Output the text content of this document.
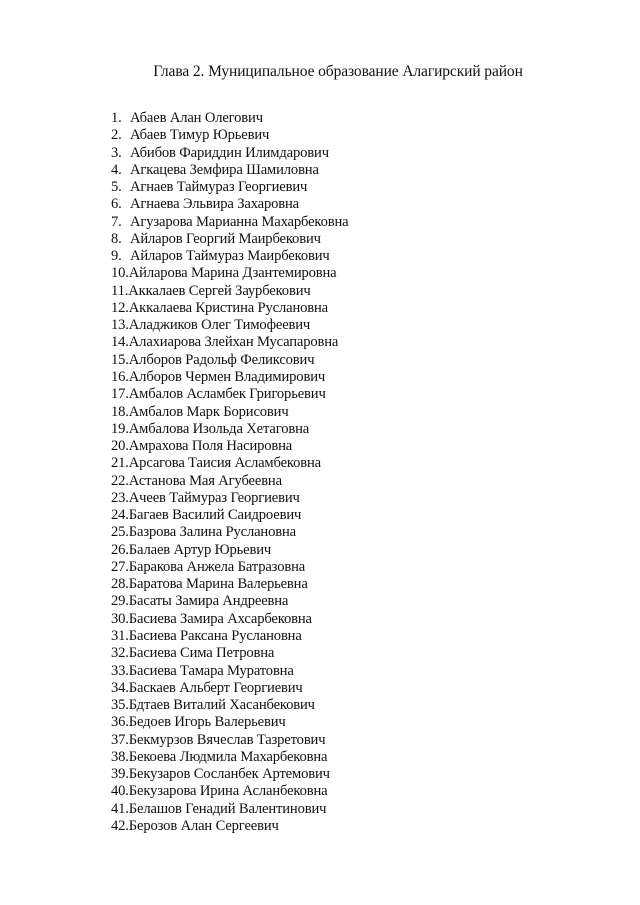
Глава 2. Муниципальное образование Алагирский район
1. Абаев Алан Олегович
2. Абаев Тимур Юрьевич
3. Абибов Фариддин Илимдарович
4. Агкацева Земфира Шамиловна
5. Агнаев Таймураз Георгиевич
6. Агнаева Эльвира Захаровна
7. Агузарова Марианна Махарбековна
8. Айларов Георгий Маирбекович
9. Айларов Таймураз Маирбекович
10.Айларова Марина Дзантемировна
11.Аккалаев Сергей Заурбекович
12.Аккалаева Кристина Руслановна
13.Аладжиков Олег Тимофеевич
14.Алахиарова Злейхан Мусапаровна
15.Алборов Радольф Феликсович
16.Алборов Чермен Владимирович
17.Амбалов Асламбек Григорьевич
18.Амбалов Марк Борисович
19.Амбалова Изольда Хетаговна
20.Амрахова Поля Насировна
21.Арсагова Таисия Асламбековна
22.Астанова Мая Агубеевна
23.Ачеев Таймураз Георгиевич
24.Багаев Василий Саидроевич
25.Базрова Залина Руслановна
26.Балаев Артур Юрьевич
27.Баракова Анжела Батразовна
28.Баратова Марина Валерьевна
29.Басаты Замира Андреевна
30.Басиева Замира Ахсарбековна
31.Басиева Раксана Руслановна
32.Басиева Сима Петровна
33.Басиева Тамара Муратовна
34.Баскаев Альберт Георгиевич
35.Бдтаев Виталий Хасанбекович
36.Бедоев Игорь Валерьевич
37.Бекмурзов Вячеслав Тазретович
38.Бекоева Людмила Махарбековна
39.Бекузаров Сосланбек Артемович
40.Бекузарова Ирина Асланбековна
41.Белашов Генадий Валентинович
42.Берозов Алан Сергеевич
